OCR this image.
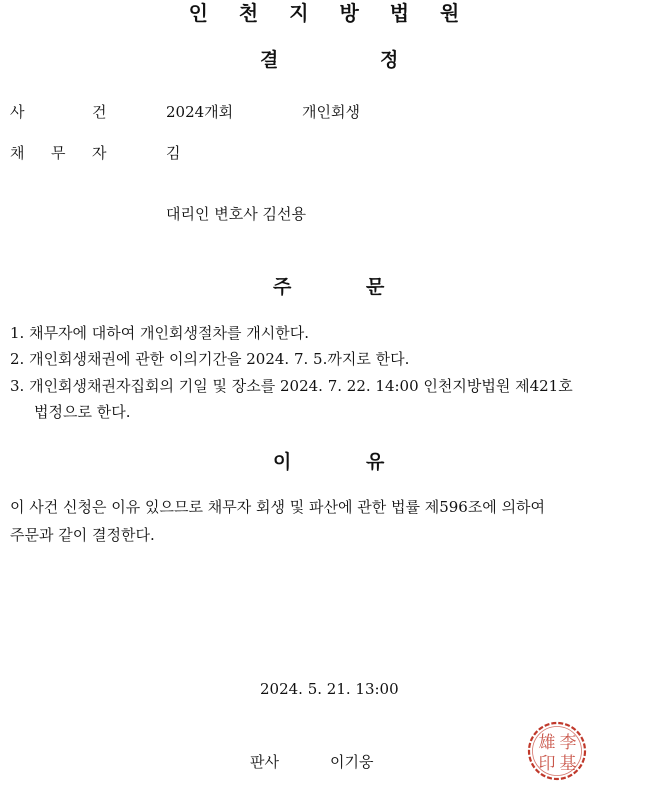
인 천 지 방 법 원
결	정
사	건	2024개회	개인회생
채 무 자	김
대리인 변호사 김선용
주	문
1. 채무자에 대하여 개인회생절차를 개시한다.
2. 개인회생채권에 관한 이의기간을 2024. 7. 5.까지로 한다.
3. 개인회생채권자집회의 기일 및 장소를 2024. 7. 22. 14:00 인천지방법원 제421호
법정으로 한다.
이	유
이 사건 신청은 이유 있으므로 채무자 회생 및 파산에 관한 법률 제596조에 의하여
주문과 같이 결정한다.
2024. 5. 21. 13:00
판사	이기웅
李
基
雄
印
